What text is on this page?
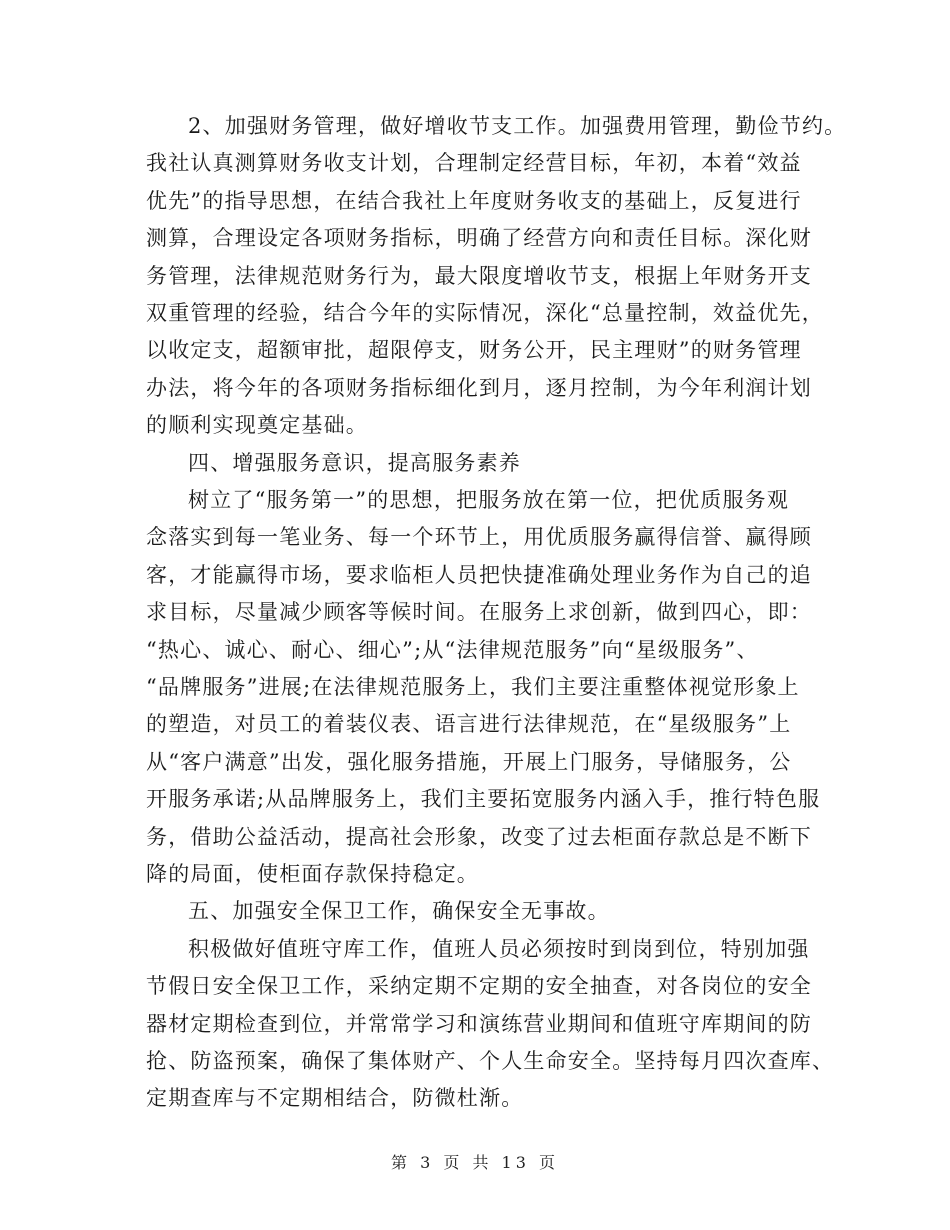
2、加强财务管理，做好增收节支工作。加强费用管理，勤俭节约。
我社认真测算财务收支计划，合理制定经营目标，年初，本着“效益
优先”的指导思想，在结合我社上年度财务收支的基础上，反复进行
测算，合理设定各项财务指标，明确了经营方向和责任目标。深化财
务管理，法律规范财务行为，最大限度增收节支，根据上年财务开支
双重管理的经验，结合今年的实际情况，深化“总量控制，效益优先，
以收定支，超额审批，超限停支，财务公开，民主理财”的财务管理
办法，将今年的各项财务指标细化到月，逐月控制，为今年利润计划
的顺利实现奠定基础。
四、增强服务意识，提高服务素养
树立了“服务第一”的思想，把服务放在第一位，把优质服务观
念落实到每一笔业务、每一个环节上，用优质服务赢得信誉、赢得顾
客，才能赢得市场，要求临柜人员把快捷准确处理业务作为自己的追
求目标，尽量减少顾客等候时间。在服务上求创新，做到四心，即：
“热心、诚心、耐心、细心”;从“法律规范服务”向“星级服务”、
“品牌服务”进展;在法律规范服务上，我们主要注重整体视觉形象上
的塑造，对员工的着装仪表、语言进行法律规范，在“星级服务”上
从“客户满意”出发，强化服务措施，开展上门服务，导储服务，公
开服务承诺;从品牌服务上，我们主要拓宽服务内涵入手，推行特色服
务，借助公益活动，提高社会形象，改变了过去柜面存款总是不断下
降的局面，使柜面存款保持稳定。
五、加强安全保卫工作，确保安全无事故。
积极做好值班守库工作，值班人员必须按时到岗到位，特别加强
节假日安全保卫工作，采纳定期不定期的安全抽查，对各岗位的安全
器材定期检查到位，并常常学习和演练营业期间和值班守库期间的防
抢、防盗预案，确保了集体财产、个人生命安全。坚持每月四次查库、
定期查库与不定期相结合，防微杜渐。
第 3 页 共 13 页
